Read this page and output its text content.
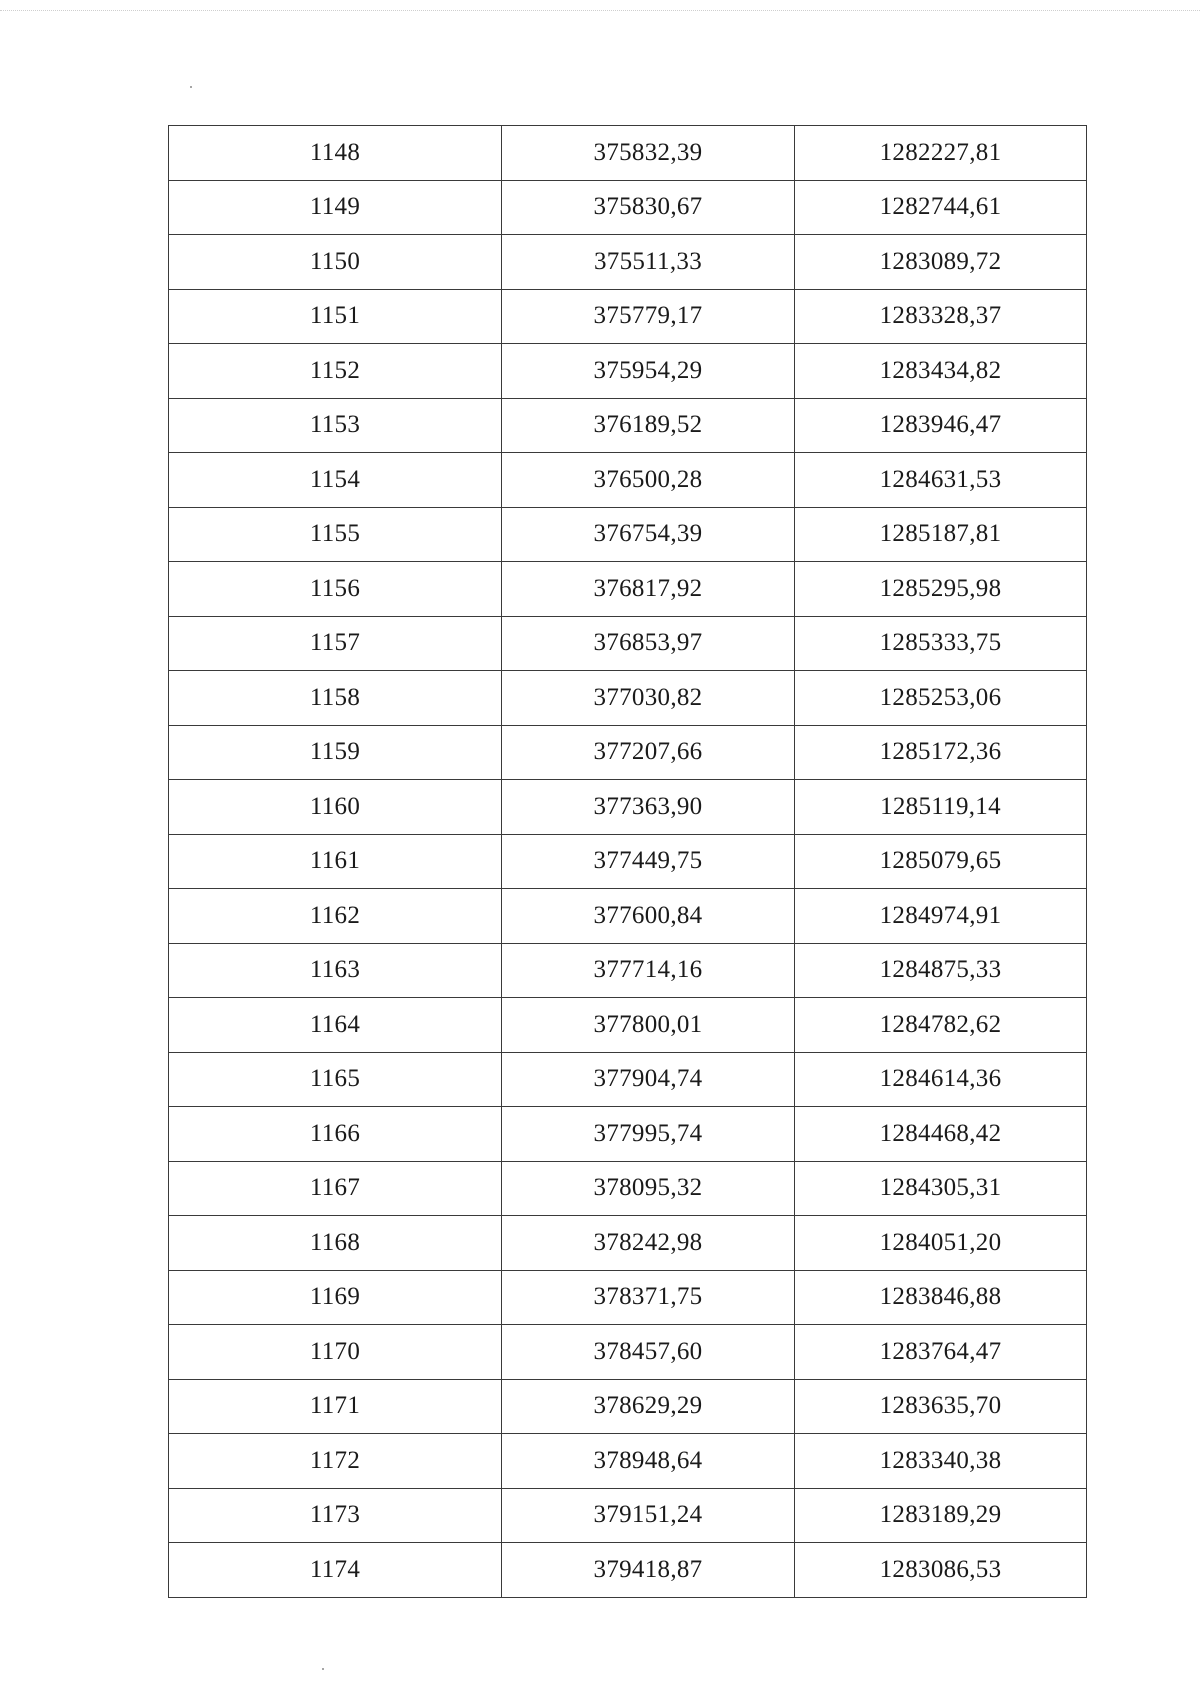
1148	375832,39	1282227,81
1149	375830,67	1282744,61
1150	375511,33	1283089,72
1151	375779,17	1283328,37
1152	375954,29	1283434,82
1153	376189,52	1283946,47
1154	376500,28	1284631,53
1155	376754,39	1285187,81
1156	376817,92	1285295,98
1157	376853,97	1285333,75
1158	377030,82	1285253,06
1159	377207,66	1285172,36
1160	377363,90	1285119,14
1161	377449,75	1285079,65
1162	377600,84	1284974,91
1163	377714,16	1284875,33
1164	377800,01	1284782,62
1165	377904,74	1284614,36
1166	377995,74	1284468,42
1167	378095,32	1284305,31
1168	378242,98	1284051,20
1169	378371,75	1283846,88
1170	378457,60	1283764,47
1171	378629,29	1283635,70
1172	378948,64	1283340,38
1173	379151,24	1283189,29
1174	379418,87	1283086,53
